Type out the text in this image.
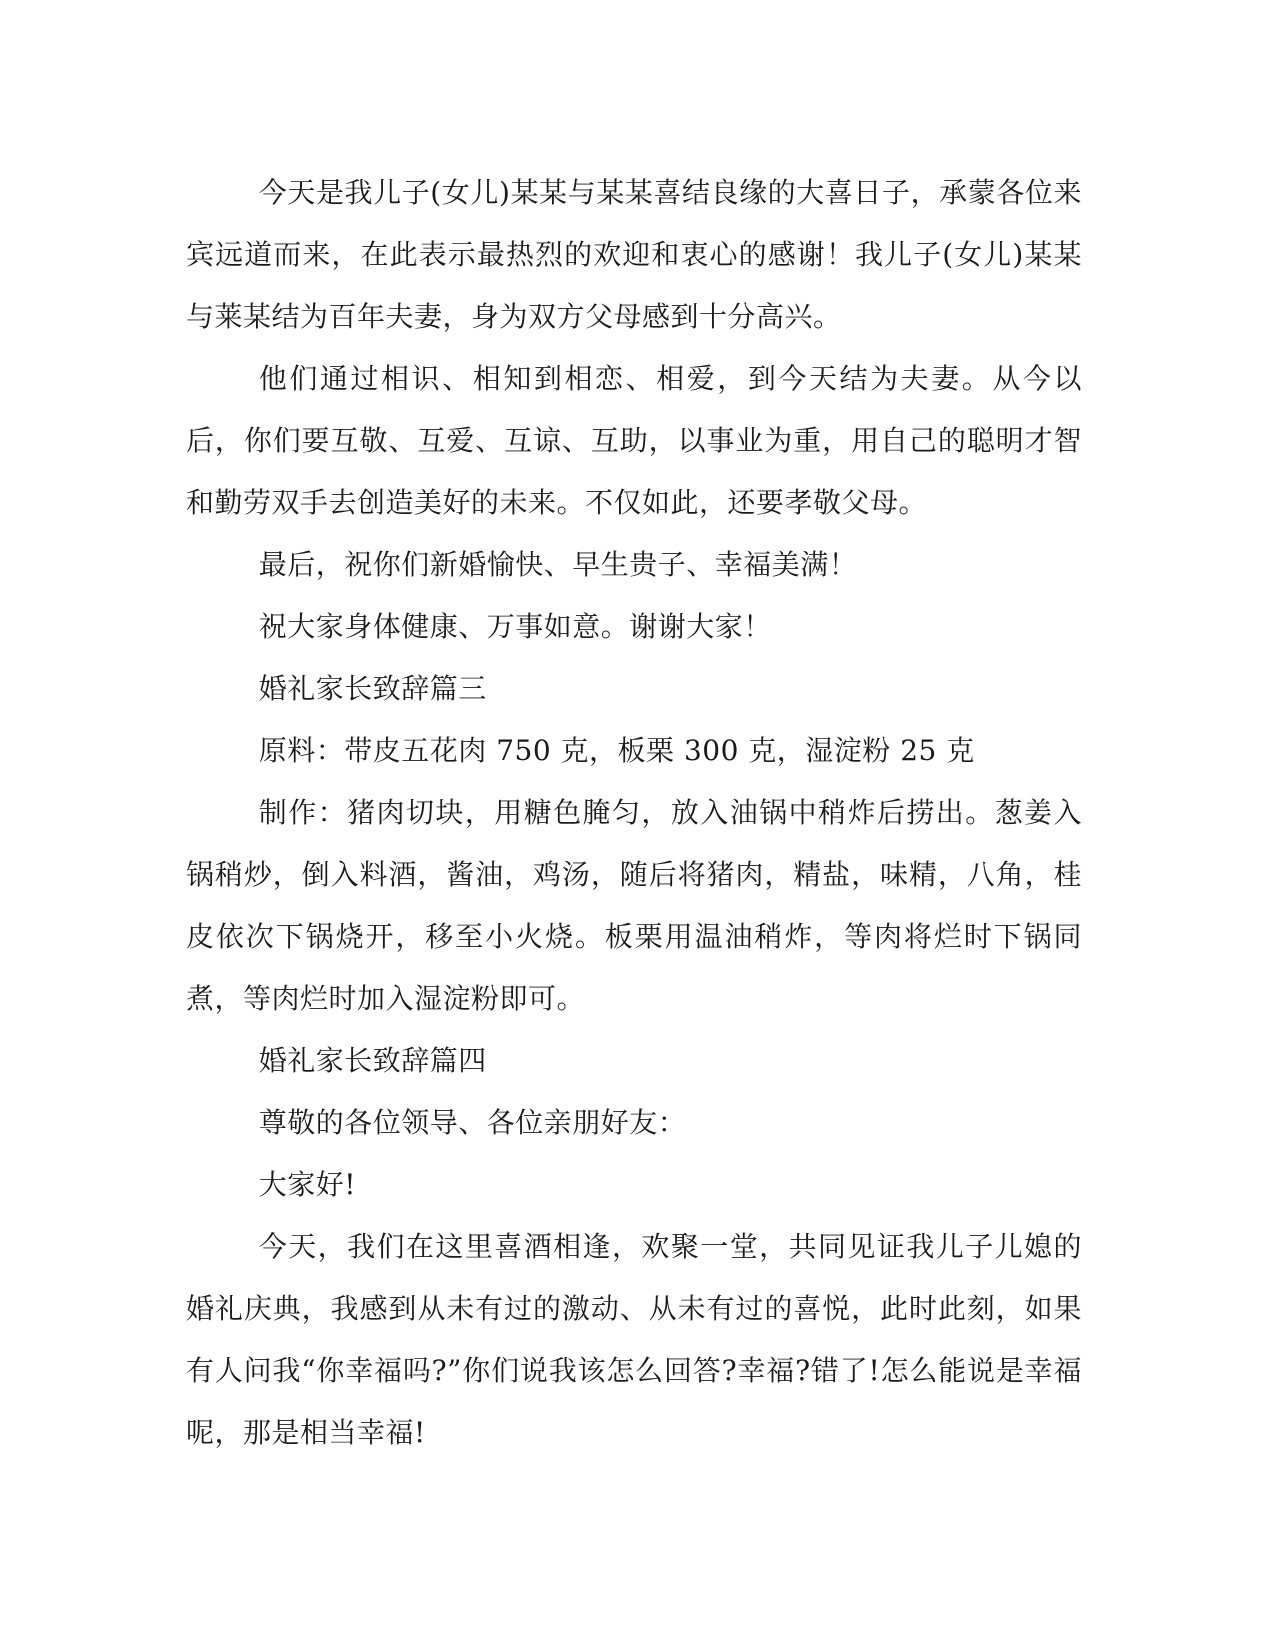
今天是我儿子(女儿)某某与某某喜结良缘的大喜日子，承蒙各位来宾远道而来，在此表示最热烈的欢迎和衷心的感谢！我儿子(女儿)某某与莱某结为百年夫妻，身为双方父母感到十分高兴。

他们通过相识、相知到相恋、相爱，到今天结为夫妻。从今以后，你们要互敬、互爱、互谅、互助，以事业为重，用自己的聪明才智和勤劳双手去创造美好的未来。不仅如此，还要孝敬父母。

最后，祝你们新婚愉快、早生贵子、幸福美满！

祝大家身体健康、万事如意。谢谢大家！

婚礼家长致辞篇三

原料：带皮五花肉 750 克，板栗 300 克，湿淀粉 25 克

制作：猪肉切块，用糖色腌匀，放入油锅中稍炸后捞出。葱姜入锅稍炒，倒入料酒，酱油，鸡汤，随后将猪肉，精盐，味精，八角，桂皮依次下锅烧开，移至小火烧。板栗用温油稍炸，等肉将烂时下锅同煮，等肉烂时加入湿淀粉即可。

婚礼家长致辞篇四

尊敬的各位领导、各位亲朋好友：

大家好!

今天，我们在这里喜酒相逢，欢聚一堂，共同见证我儿子儿媳的婚礼庆典，我感到从未有过的激动、从未有过的喜悦，此时此刻，如果有人问我“你幸福吗?”你们说我该怎么回答?幸福?错了!怎么能说是幸福呢，那是相当幸福!
